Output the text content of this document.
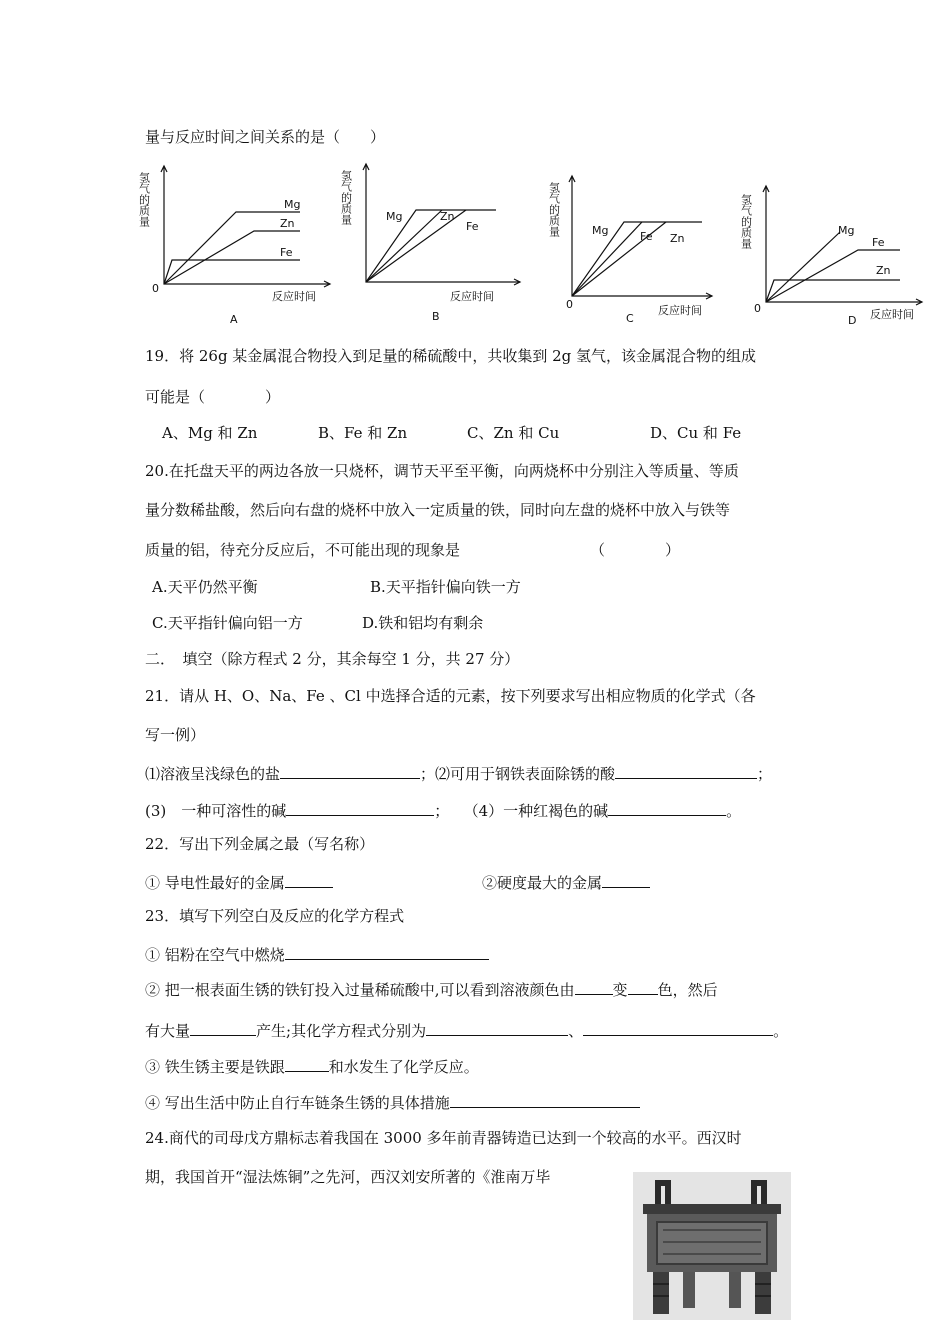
量与反应时间之间关系的是（　　）
氢气的质量	Mg
Zn
Fe
0
反应时间
A
氢气的质量	Mg	Zn
Fe
反应时间
B
氢气的质量	Mg	Fe Zn
0	反应时间
C
氢气的质量	Mg
Fe
Zn
0	反应时间
D
19．将 26g 某金属混合物投入到足量的稀硫酸中，共收集到 2g 氢气，该金属混合物的组成
可能是（　　　　）
A、Mg 和 Zn	B、Fe 和 Zn	C、Zn 和 Cu	D、Cu 和 Fe
20.在托盘天平的两边各放一只烧杯，调节天平至平衡，向两烧杯中分别注入等质量、等质
量分数稀盐酸，然后向右盘的烧杯中放入一定质量的铁，同时向左盘的烧杯中放入与铁等
质量的铝，待充分反应后，不可能出现的现象是	（　　　　）
A.天平仍然平衡	B.天平指针偏向铁一方
C.天平指针偏向铝一方	D.铁和铝均有剩余
二．　填空（除方程式 2 分，其余每空 1 分，共 27 分）
21．请从 H、O、Na、Fe 、Cl 中选择合适的元素，按下列要求写出相应物质的化学式（各
写一例）
⑴溶液呈浅绿色的盐	；⑵可用于钢铁表面除锈的酸	；
(3)　一种可溶性的碱	； （4）一种红褐色的碱	。
22．写出下列金属之最（写名称）
① 导电性最好的金属	②硬度最大的金属
23．填写下列空白及反应的化学方程式
① 铝粉在空气中燃烧
② 把一根表面生锈的铁钉投入过量稀硫酸中,可以看到溶液颜色由	变 色，然后
有大量	产生;其化学方程式分别为	、	。
③ 铁生锈主要是铁跟	和水发生了化学反应。
④ 写出生活中防止自行车链条生锈的具体措施
24.商代的司母戊方鼎标志着我国在 3000 多年前青器铸造已达到一个较高的水平。西汉时
期，我国首开“湿法炼铜”之先河，西汉刘安所著的《淮南万毕
